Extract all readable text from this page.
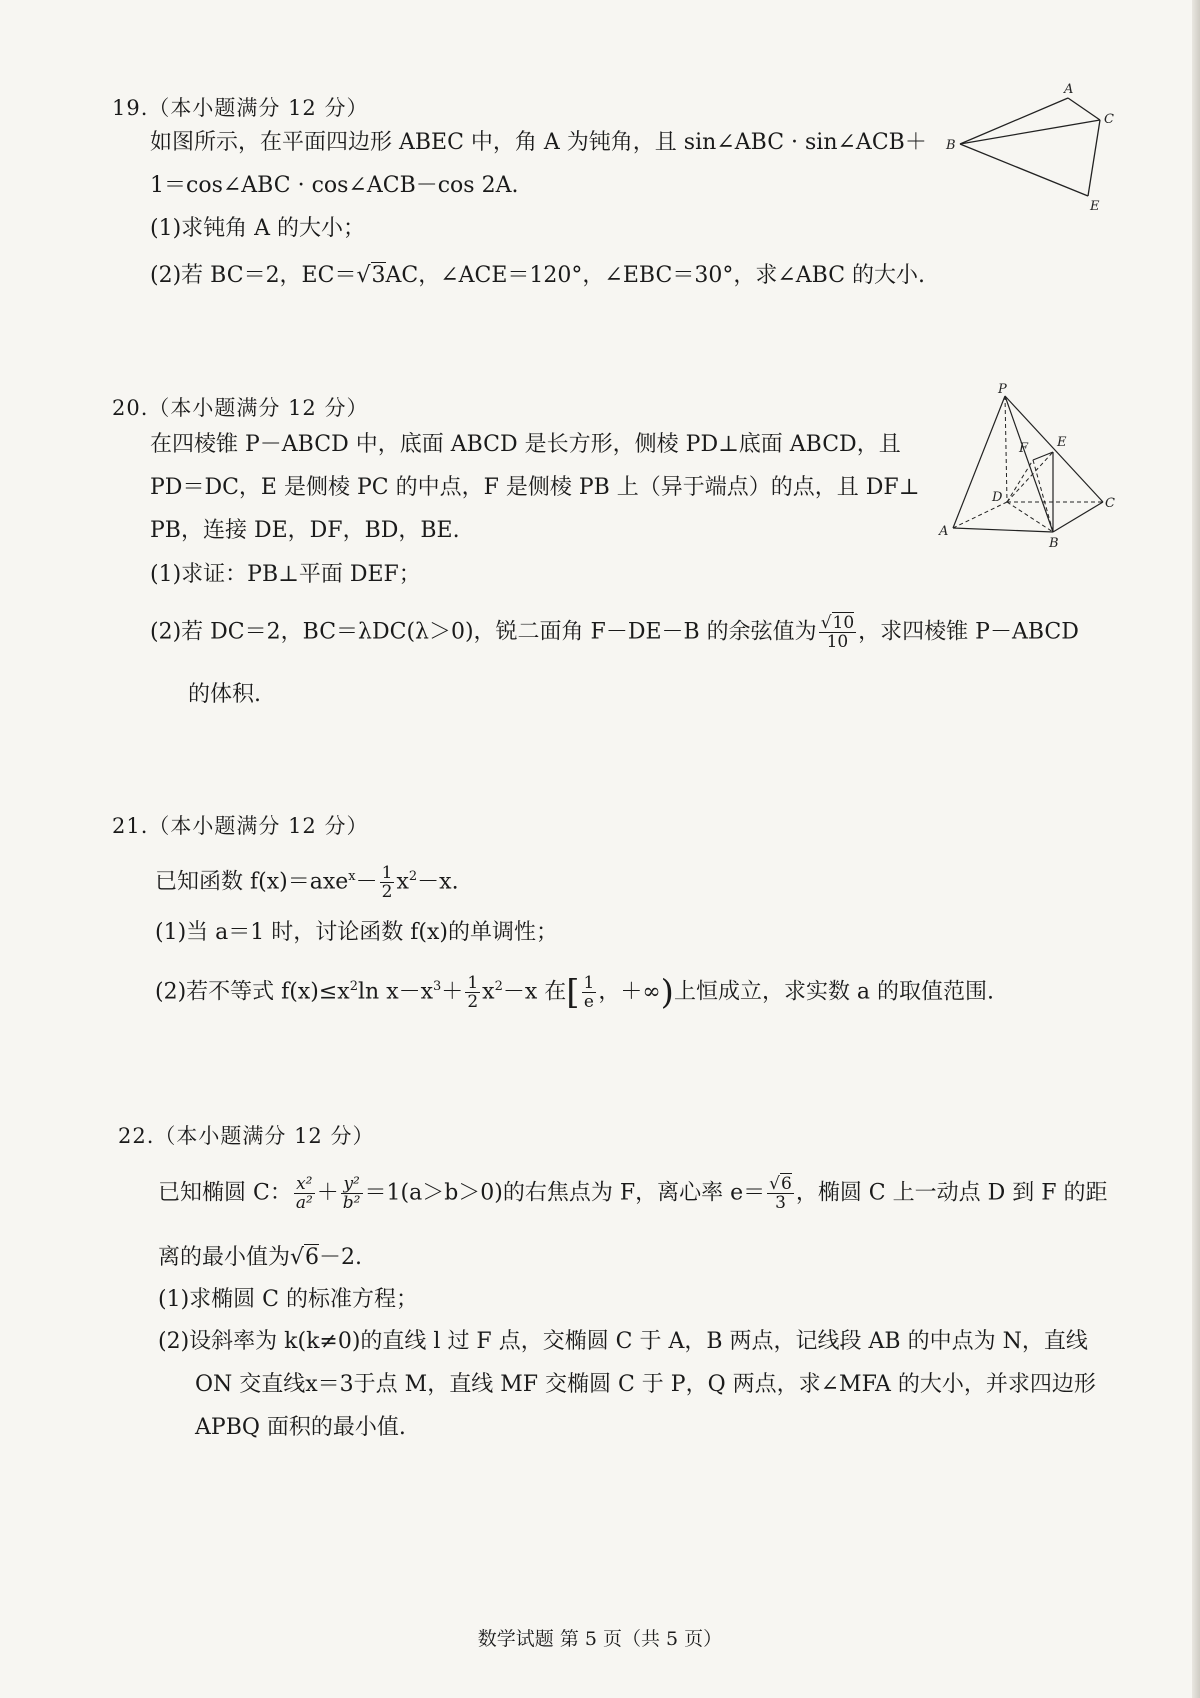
19.（本小题满分 12 分）
如图所示，在平面四边形 ABEC 中，角 A 为钝角，且 sin∠ABC · sin∠ACB＋
1＝cos∠ABC · cos∠ACB－cos 2A.
(1)求钝角 A 的大小；
(2)若 BC＝2，EC＝√3AC，∠ACE＝120°，∠EBC＝30°，求∠ABC 的大小.
A
B
C
E
20.（本小题满分 12 分）
在四棱锥 P－ABCD 中，底面 ABCD 是长方形，侧棱 PD⊥底面 ABCD，且
PD＝DC，E 是侧棱 PC 的中点，F 是侧棱 PB 上（异于端点）的点，且 DF⊥
PB，连接 DE，DF，BD，BE.
(1)求证：PB⊥平面 DEF；
(2)若 DC＝2，BC＝λDC(λ＞0)，锐二面角 F－DE－B 的余弦值为 $\frac{√10}{10}$ ，求四棱锥 P－ABCD
的体积.
P
F E
D	C
A
B
21.（本小题满分 12 分）
已知函数 $f(x)=axe^x- \frac{1}{2} x^2-x$.
(1)当 a＝1 时，讨论函数 f(x)的单调性；
(2)若不等式 $f(x)\le x^2\ln$ $x-x^3+ \frac{1}{2} x^2-x$ 在[ $\frac{1}{e}$ ，＋∞)上恒成立，求实数 a 的取值范围.
22.（本小题满分 12 分）
已知椭圆 C： $\frac{\text{x²}}{\text{a²}} + \frac{\text{y²}}{\text{b²}} =1(a>b>0)$的右焦点为 F，离心率 $e= \frac{√6}{3}$ ，椭圆 C 上一动点 D 到 F 的距
离的最小值为√6－2.
(1)求椭圆 C 的标准方程；
(2)设斜率为 k(k≠0)的直线 l 过 F 点，交椭圆 C 于 A，B 两点，记线段 AB 的中点为 N，直线
ON 交直线x＝3于点 M，直线 MF 交椭圆 C 于 P，Q 两点，求∠MFA 的大小，并求四边形
APBQ 面积的最小值.
数学试题 第 5 页（共 5 页）
